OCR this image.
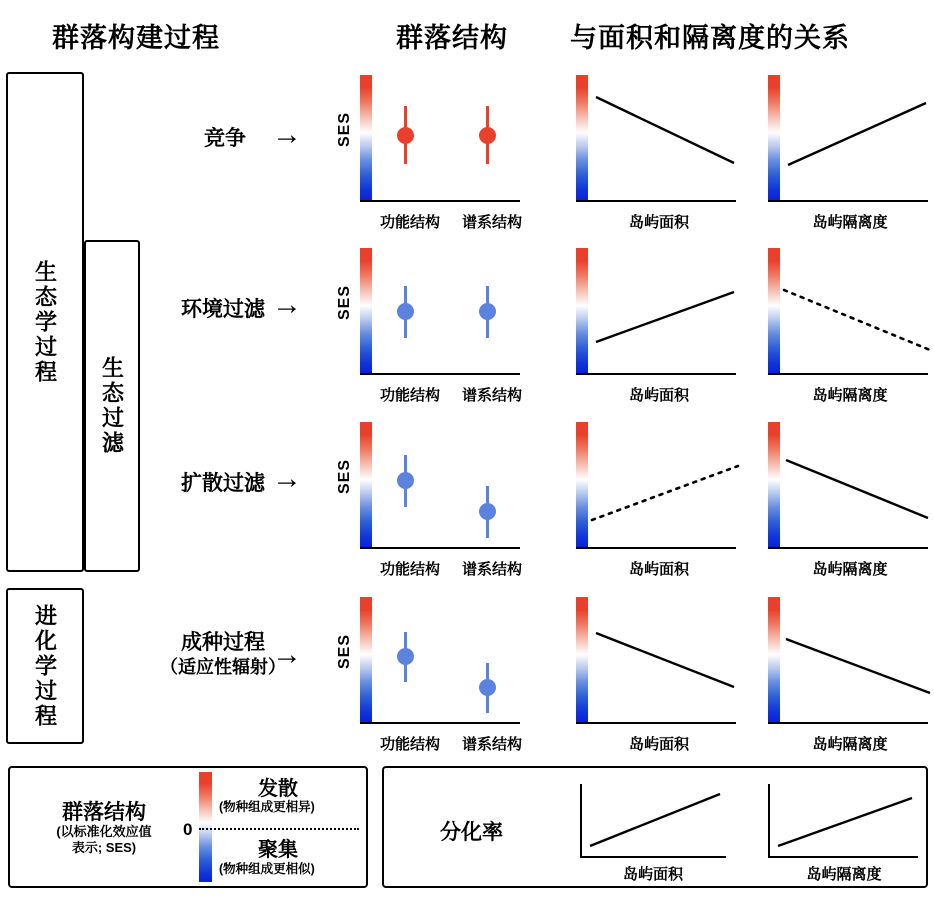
群落构建过程	群落结构 与面积和隔离度的关系
生态学过程
生态过滤
进化学过程
竞争 → SES
功能结构	谱系结构	岛屿面积	岛屿隔离度
环境过滤 → SES
功能结构	谱系结构	岛屿面积	岛屿隔离度
扩散过滤 → SES
功能结构	谱系结构	岛屿面积	岛屿隔离度
成种过程
（适应性辐射）
→ SES
功能结构	谱系结构	岛屿面积	岛屿隔离度
群落结构
(以标准化效应值
表示; SES)
0
发散
(物种组成更相异)
聚集
(物种组成更相似)
分化率
岛屿面积	岛屿隔离度
